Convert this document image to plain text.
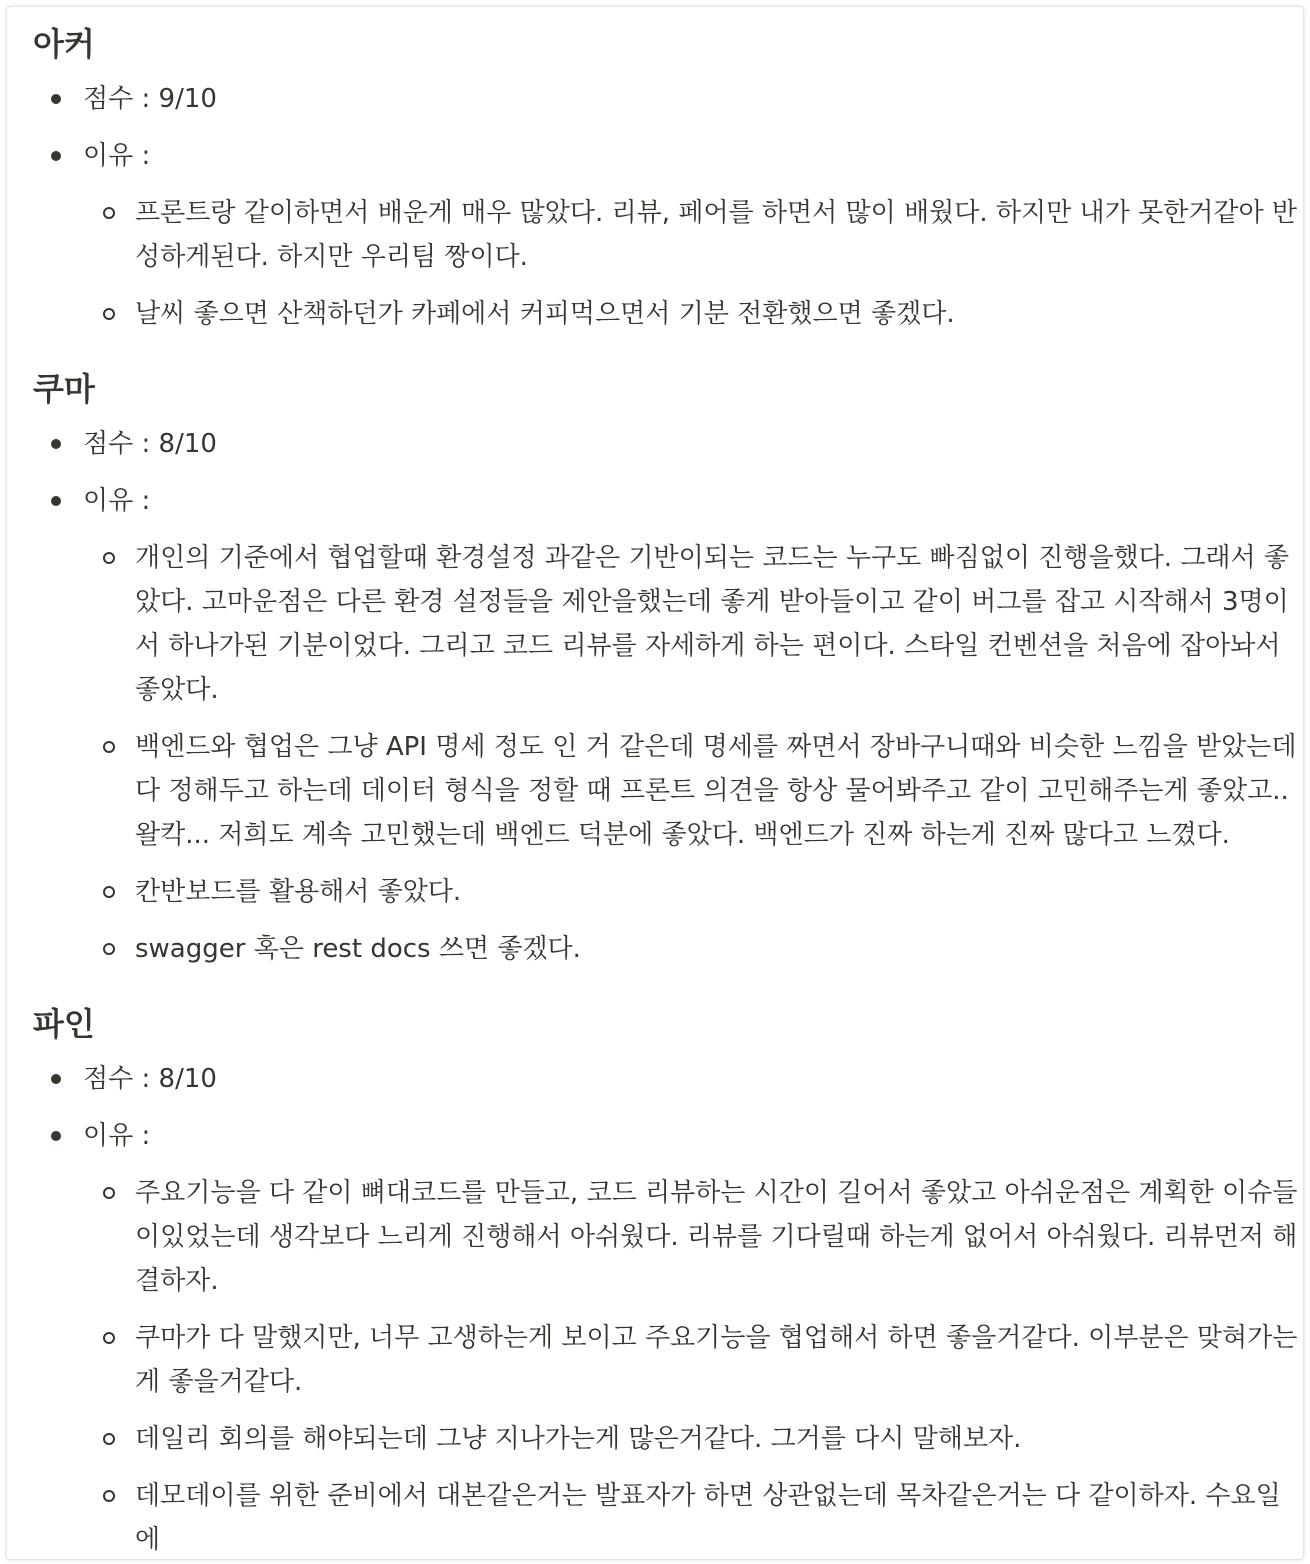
아커
점수 : 9/10
이유 :
프론트랑 같이하면서 배운게 매우 많았다. 리뷰, 페어를 하면서 많이 배웠다. 하지만 내가 못한거같아 반성하게된다. 하지만 우리팀 짱이다.
날씨 좋으면 산책하던가 카페에서 커피먹으면서 기분 전환했으면 좋겠다.
쿠마
점수 : 8/10
이유 :
개인의 기준에서 협업할때 환경설정 과같은 기반이되는 코드는 누구도 빠짐없이 진행을했다. 그래서 좋았다. 고마운점은 다른 환경 설정들을 제안을했는데 좋게 받아들이고 같이 버그를 잡고 시작해서 3명이서 하나가된 기분이었다. 그리고 코드 리뷰를 자세하게 하는 편이다. 스타일 컨벤션을 처음에 잡아놔서 좋았다.
백엔드와 협업은 그냥 API 명세 정도 인 거 같은데 명세를 짜면서 장바구니때와 비슷한 느낌을 받았는데 다 정해두고 하는데 데이터 형식을 정할 때 프론트 의견을 항상 물어봐주고 같이 고민해주는게 좋았고.. 왈칵... 저희도 계속 고민했는데 백엔드 덕분에 좋았다. 백엔드가 진짜 하는게 진짜 많다고 느꼈다.
칸반보드를 활용해서 좋았다.
swagger 혹은 rest docs 쓰면 좋겠다.
파인
점수 : 8/10
이유 :
주요기능을 다 같이 뼈대코드를 만들고, 코드 리뷰하는 시간이 길어서 좋았고 아쉬운점은 계획한 이슈들이있었는데 생각보다 느리게 진행해서 아쉬웠다. 리뷰를 기다릴때 하는게 없어서 아쉬웠다. 리뷰먼저 해결하자.
쿠마가 다 말했지만, 너무 고생하는게 보이고 주요기능을 협업해서 하면 좋을거같다. 이부분은 맞혀가는게 좋을거같다.
데일리 회의를 해야되는데 그냥 지나가는게 많은거같다. 그거를 다시 말해보자.
데모데이를 위한 준비에서 대본같은거는 발표자가 하면 상관없는데 목차같은거는 다 같이하자. 수요일에
